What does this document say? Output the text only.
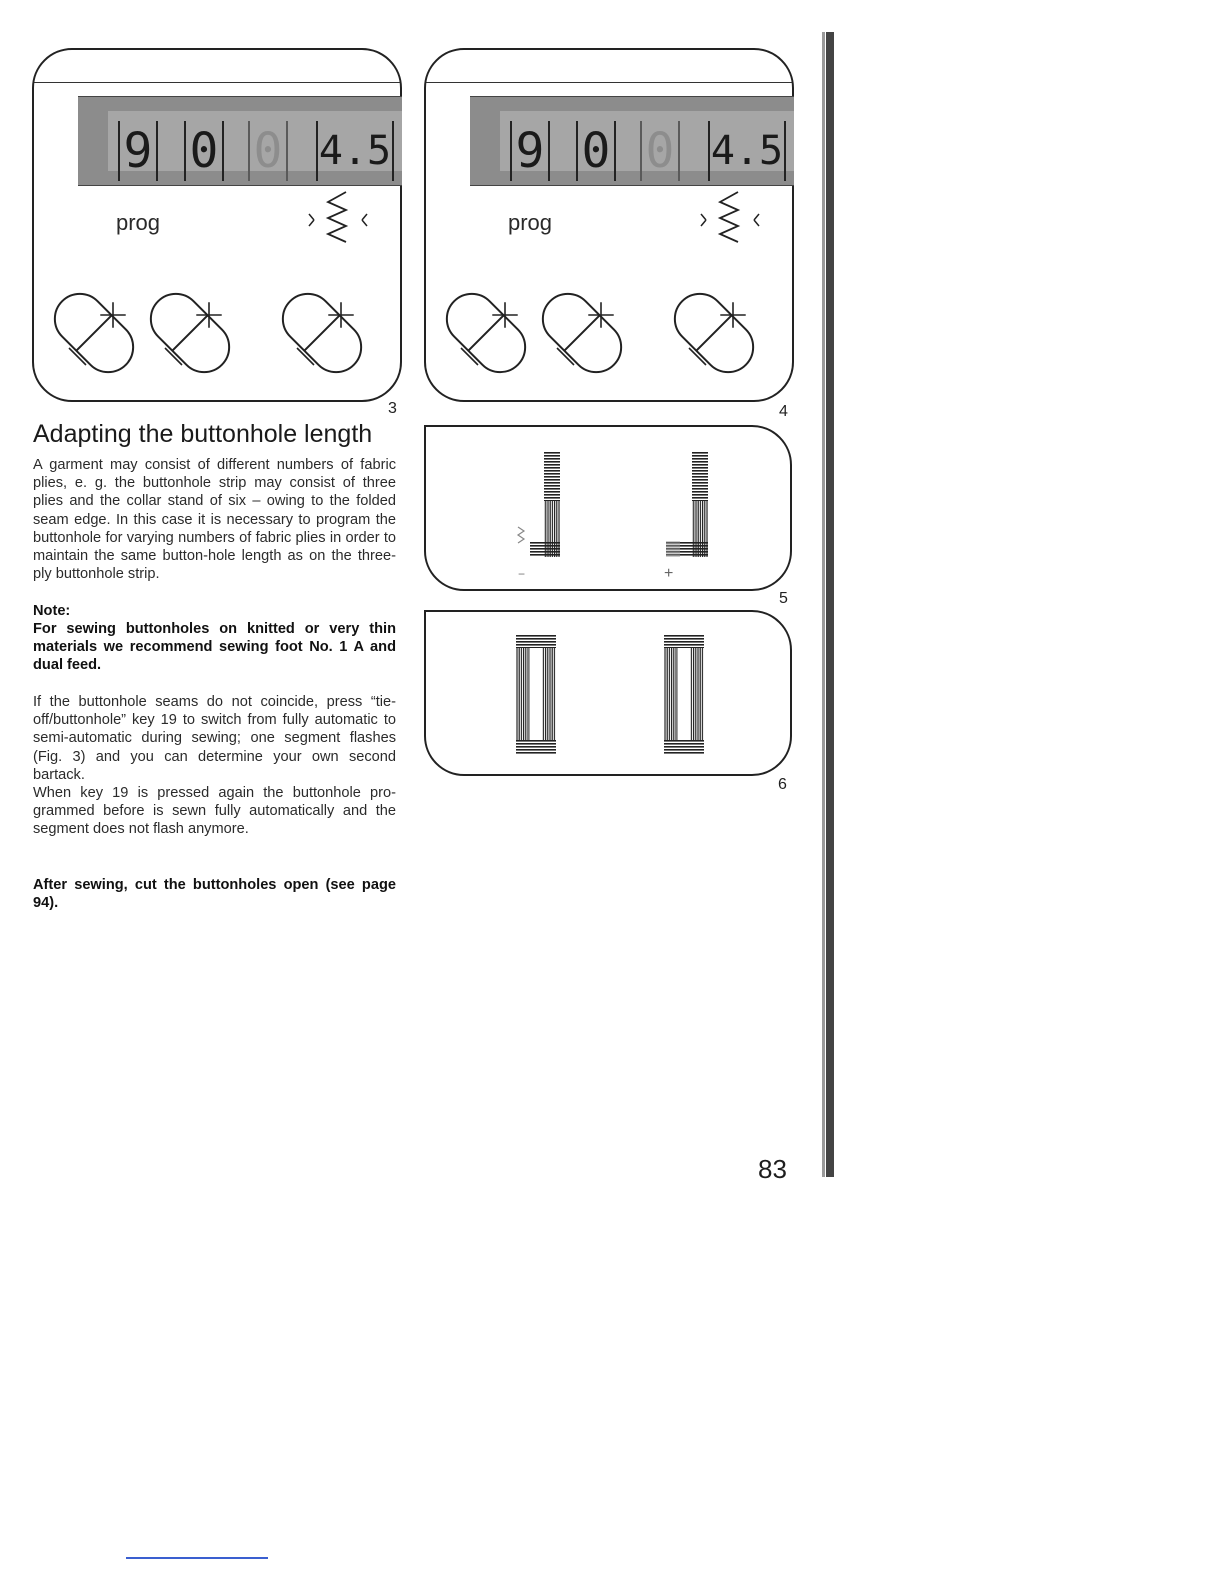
9 0 0 4.5
prog
3
9 0 0 4.5
prog
4
−	+
5
6
Adapting the buttonhole length

A garment may consist of different numbers of fabric plies, e. g. the buttonhole strip may consist of three plies and the collar stand of six – owing to the folded seam edge. In this case it is necessary to program the buttonhole for varying numbers of fabric plies in order to maintain the same button-hole length as on the three-ply buttonhole strip.

Note:

For sewing buttonholes on knitted or very thin materials we recommend sewing foot No. 1 A and dual feed.

If the buttonhole seams do not coincide, press “tie-off/buttonhole” key 19 to switch from fully automatic to semi-automatic during sewing; one segment flashes (Fig. 3) and you can determine your own second bartack.

When key 19 is pressed again the buttonhole pro-grammed before is sewn fully automatically and the segment does not flash anymore.

After sewing, cut the buttonholes open (see page 94).

83
